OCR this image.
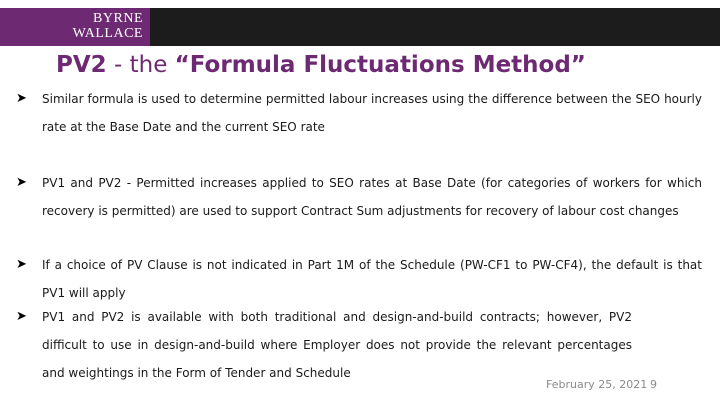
BYRNE
WALLACE
PV2 - the “Formula Fluctuations Method”
➤ Similar formula is used to determine permitted labour increases using the difference between the SEO hourly rate at the Base Date and the current SEO rate

➤ PV1 and PV2 - Permitted increases applied to SEO rates at Base Date (for categories of workers for which recovery is permitted) are used to support Contract Sum adjustments for recovery of labour cost changes

➤ If a choice of PV Clause is not indicated in Part 1M of the Schedule (PW-CF1 to PW-CF4), the default is that PV1 will apply

➤ PV1 and PV2 is available with both traditional and design-and-build contracts; however, PV2 difficult to use in design-and-build where Employer does not provide the relevant percentages and weightings in the Form of Tender and Schedule

February 25, 2021 9
